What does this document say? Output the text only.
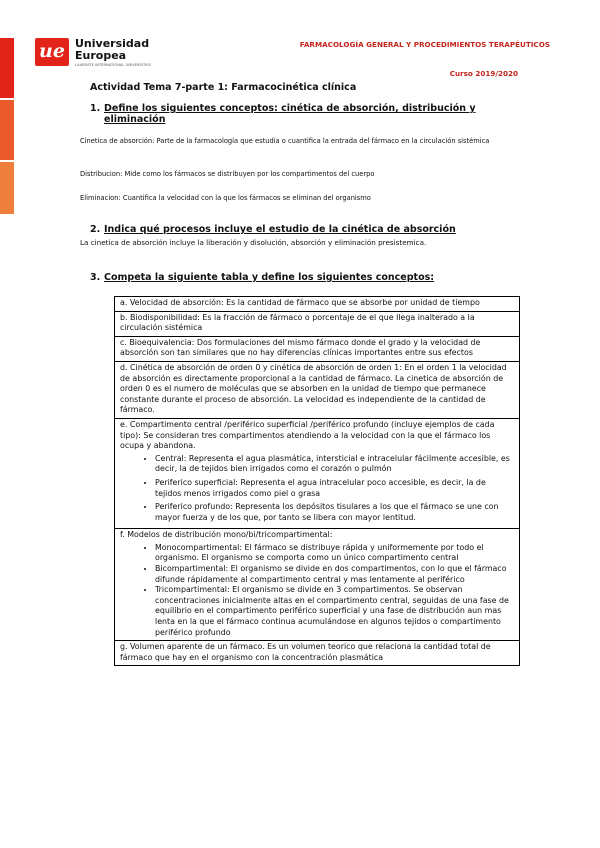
ue Universidad
Europea
LAUREATE INTERNATIONAL UNIVERSITIES
FARMACOLOGÍA GENERAL Y PROCEDIMIENTOS TERAPÉUTICOS
Curso 2019/2020
Actividad Tema 7-parte 1: Farmacocinética clínica
1. Define los siguientes conceptos: cinética de absorción, distribución y
eliminación
Cinetica de absorción: Parte de la farmacología que estudia o cuantifica la entrada del fármaco en la circulación sistémica
Distribucion: Mide como los fármacos se distribuyen por los compartimentos del cuerpo
Eliminacion: Cuantifica la velocidad con la que los fármacos se eliminan del organismo
2. Indica qué procesos incluye el estudio de la cinética de absorción
La cinetica de absorción incluye la liberación y disolución, absorción y eliminación presistemica.
3. Competa la siguiente tabla y define los siguientes conceptos:
a. Velocidad de absorción: Es la cantidad de fármaco que se absorbe por unidad de tiempo
b. Biodisponibilidad: Es la fracción de fármaco o porcentaje de el que llega inalterado a la circulación sistémica
c. Bioequivalencia: Dos formulaciones del mismo fármaco donde el grado y la velocidad de absorción son tan similares que no hay diferencias clínicas importantes entre sus efectos
d. Cinética de absorción de orden 0 y cinética de absorción de orden 1: En el orden 1 la velocidad de absorción es directamente proporcional a la cantidad de fármaco. La cinetica de absorción de orden 0 es el numero de moléculas que se absorben en la unidad de tiempo que permanece constante durante el proceso de absorción. La velocidad es independiente de la cantidad de fármaco.

e. Compartimento central /periférico superficial /periférico profundo (incluye ejemplos de cada tipo): Se consideran tres compartimentos atendiendo a la velocidad con la que el fármaco los ocupa y abandona.
• Central: Representa el agua plasmática, intersticial e intracelular fácilmente accesible, es decir, la de tejidos bien irrigados como el corazón o pulmón
• Periferico superficial: Representa el agua intracelular poco accesible, es decir, la de tejidos menos irrigados como piel o grasa
• Periferico profundo: Representa los depósitos tisulares a los que el fármaco se une con mayor fuerza y de los que, por tanto se libera con mayor lentitud.

f. Modelos de distribución mono/bi/tricompartimental:
• Monocompartimental: El fármaco se distribuye rápida y uniformemente por todo el organismo. El organismo se comporta como un único compartimento central
• Bicompartimental: El organismo se divide en dos compartimentos, con lo que el fármaco difunde rápidamente al compartimento central y mas lentamente al periférico
• Tricompartimental: El organismo se divide en 3 compartimentos. Se observan concentraciones inicialmente altas en el compartimento central, seguidas de una fase de equilibrio en el compartimento periférico superficial y una fase de distribución aun mas lenta en la que el fármaco continua acumulándose en algunos tejidos o compartimento periférico profundo

g. Volumen aparente de un fármaco. Es un volumen teorico que relaciona la cantidad total de fármaco que hay en el organismo con la concentración plasmática
